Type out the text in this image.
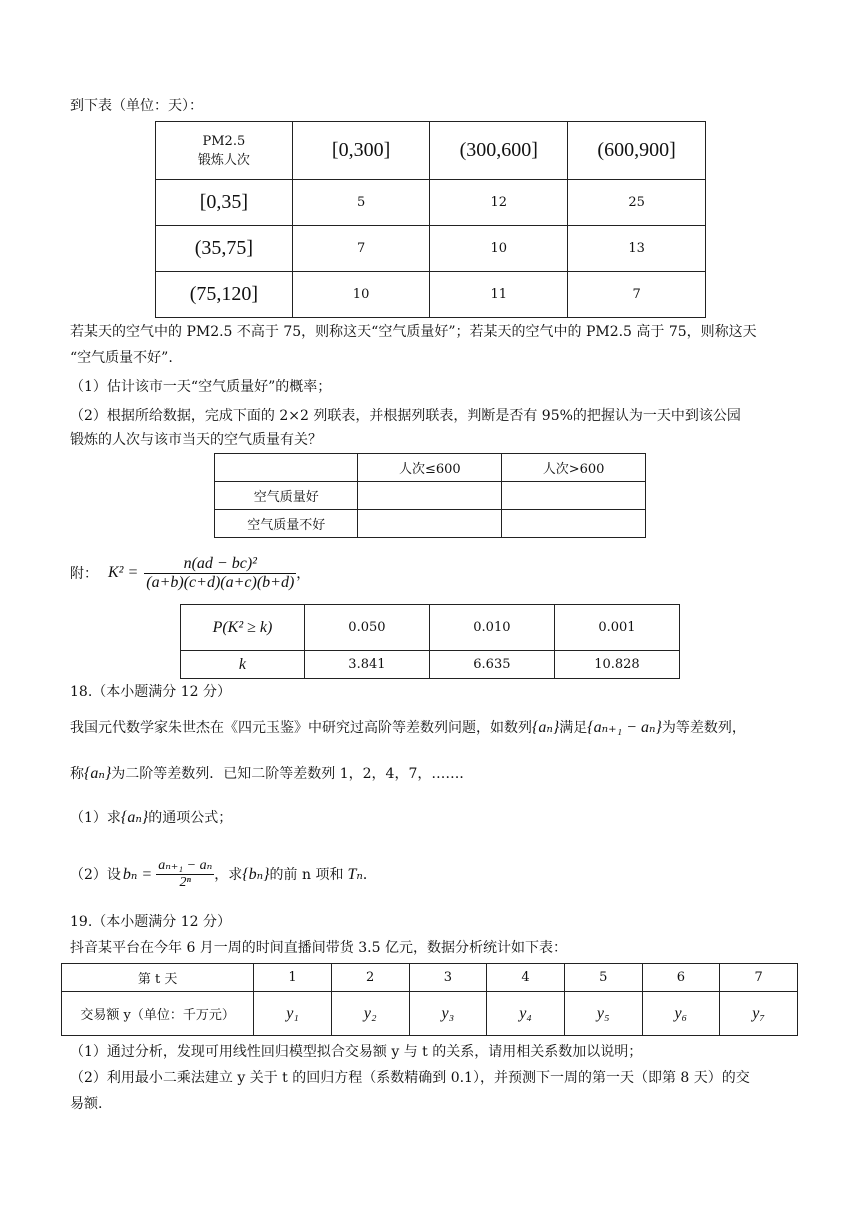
到下表（单位：天）：
PM2.5
锻炼人次	[0,300]	(300,600]	(600,900]
[0,35]	5	12	25
(35,75]	7	10	13
(75,120]	10	11	7
若某天的空气中的 PM2.5 不高于 75，则称这天“空气质量好”；若某天的空气中的 PM2.5 高于 75，则称这天
“空气质量不好”.
（1）估计该市一天“空气质量好”的概率；
（2）根据所给数据，完成下面的 2×2 列联表，并根据列联表，判断是否有 95%的把握认为一天中到该公园
锻炼的人次与该市当天的空气质量有关？
	人次≤600	人次>600
空气质量好		
空气质量不好		
附： $K^2 = \frac{\text{n(ad − bc)²}}{(a+b)(c+d)(a+c)(b+d)}$ ，
P(K² ≥ k)	0.050	0.010	0.001
k	3.841	6.635	10.828
18.（本小题满分 12 分）
我国元代数学家朱世杰在《四元玉鉴》中研究过高阶等差数列问题，如数列{aₙ}满足{aₙ₊₁ − aₙ}为等差数列，
称{aₙ}为二阶等差数列．已知二阶等差数列 1，2，4，7，……．
（1）求{aₙ}的通项公式；
（2）设 $b_n = \frac{\text{aₙ₊₁ − aₙ}}{\text{2ⁿ}}$ ，求 {bₙ} 的前 n 项和 Tₙ ．
19.（本小题满分 12 分）
抖音某平台在今年 6 月一周的时间直播间带货 3.5 亿元，数据分析统计如下表：
第 t 天	1	2	3	4	5	6	7
交易额 y（单位：千万元）	y₁	y₂	y₃	y₄	y₅	y₆	y₇
（1）通过分析，发现可用线性回归模型拟合交易额 y 与 t 的关系，请用相关系数加以说明；
（2）利用最小二乘法建立 y 关于 t 的回归方程（系数精确到 0.1），并预测下一周的第一天（即第 8 天）的交
易额.
